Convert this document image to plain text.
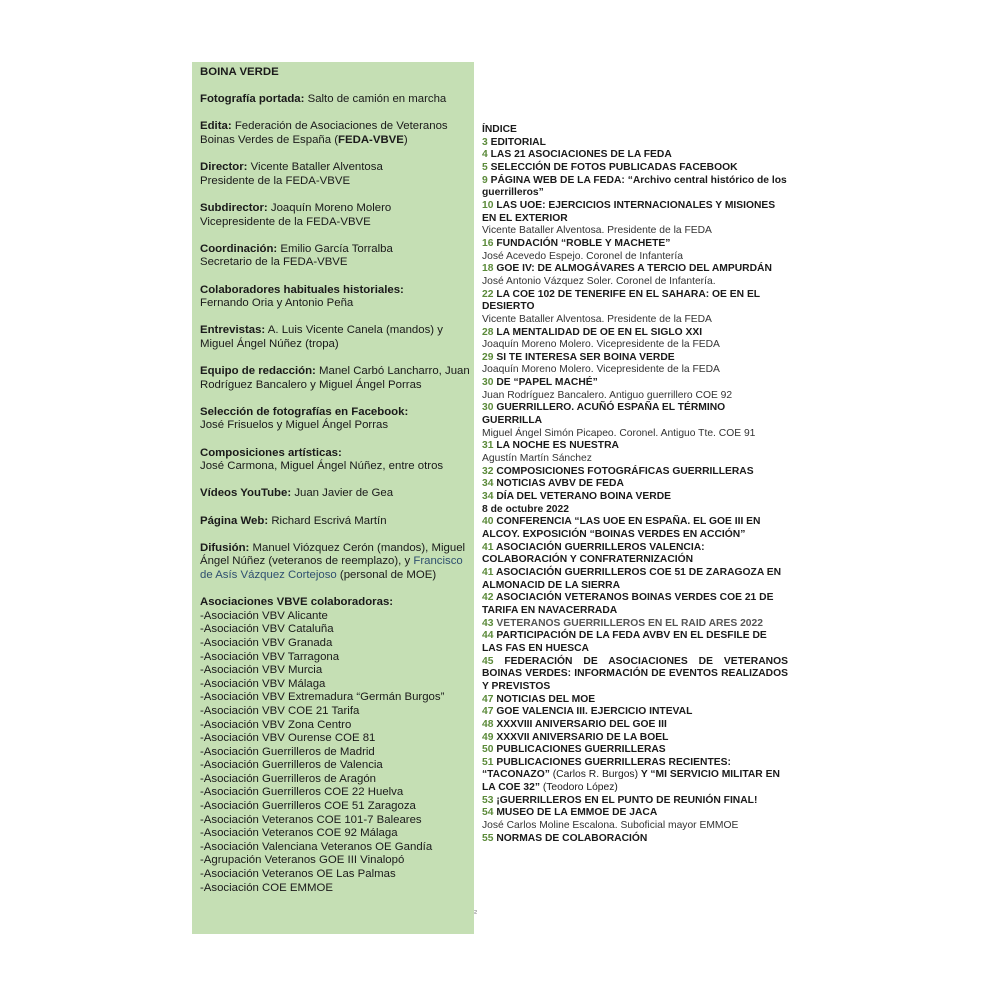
BOINA VERDE
Fotografía portada: Salto de camión en marcha
Edita: Federación de Asociaciones de Veteranos Boinas Verdes de España (FEDA-VBVE)
Director: Vicente Bataller Alventosa
Presidente de la FEDA-VBVE
Subdirector: Joaquín Moreno Molero
Vicepresidente de la FEDA-VBVE
Coordinación: Emilio García Torralba
Secretario de la FEDA-VBVE
Colaboradores habituales historiales:
Fernando Oria y Antonio Peña
Entrevistas: A. Luis Vicente Canela (mandos) y Miguel Ángel Núñez (tropa)
Equipo de redacción: Manel Carbó Lancharro, Juan Rodríguez Bancalero y Miguel Ángel Porras
Selección de fotografías en Facebook:
José Frisuelos y Miguel Ángel Porras
Composiciones artísticas:
José Carmona, Miguel Ángel Núñez, entre otros
Vídeos YouTube: Juan Javier de Gea
Página Web: Richard Escrivá Martín
Difusión: Manuel Viózquez Cerón (mandos), Miguel Ángel Núñez (veteranos de reemplazo), y Francisco de Asís Vázquez Cortejoso (personal de MOE)
Asociaciones VBVE colaboradoras:
-Asociación VBV Alicante
-Asociación VBV Cataluña
-Asociación VBV Granada
-Asociación VBV Tarragona
-Asociación VBV Murcia
-Asociación VBV Málaga
-Asociación VBV Extremadura “Germán Burgos”
-Asociación VBV COE 21 Tarifa
-Asociación VBV Zona Centro
-Asociación VBV Ourense COE 81
-Asociación Guerrilleros de Madrid
-Asociación Guerrilleros de Valencia
-Asociación Guerrilleros de Aragón
-Asociación Guerrilleros COE 22 Huelva
-Asociación Guerrilleros COE 51 Zaragoza
-Asociación Veteranos COE 101-7 Baleares
-Asociación Veteranos COE 92 Málaga
-Asociación Valenciana Veteranos OE Gandía
-Agrupación Veteranos GOE III Vinalopó
-Asociación Veteranos OE Las Palmas
-Asociación COE EMMOE
ÍNDICE
3 EDITORIAL
4 LAS 21 ASOCIACIONES DE LA FEDA
5 SELECCIÓN DE FOTOS PUBLICADAS FACEBOOK
9 PÁGINA WEB DE LA FEDA: “Archivo central histórico de los guerrilleros”
10 LAS UOE: EJERCICIOS INTERNACIONALES Y MISIONES EN EL EXTERIOR
Vicente Bataller Alventosa. Presidente de la FEDA
16 FUNDACIÓN “ROBLE Y MACHETE”
José Acevedo Espejo. Coronel de Infantería
18 GOE IV: DE ALMOGÁVARES A TERCIO DEL AMPURDÁN
José Antonio Vázquez Soler. Coronel de Infantería.
22 LA COE 102 DE TENERIFE EN EL SAHARA: OE EN EL DESIERTO
Vicente Bataller Alventosa. Presidente de la FEDA
28 LA MENTALIDAD DE OE EN EL SIGLO XXI
Joaquín Moreno Molero. Vicepresidente de la FEDA
29 SI TE INTERESA SER BOINA VERDE
Joaquín Moreno Molero. Vicepresidente de la FEDA
30 DE “PAPEL MACHÉ”
Juan Rodríguez Bancalero. Antiguo guerrillero COE 92
30 GUERRILLERO. ACUÑÓ ESPAÑA EL TÉRMINO GUERRILLA
Miguel Ángel Simón Picapeo. Coronel. Antiguo Tte. COE 91
31 LA NOCHE ES NUESTRA
Agustín Martín Sánchez
32 COMPOSICIONES FOTOGRÁFICAS GUERRILLERAS
34 NOTICIAS AVBV DE FEDA
34 DÍA DEL VETERANO BOINA VERDE
8 de octubre 2022
40 CONFERENCIA “LAS UOE EN ESPAÑA. EL GOE III EN ALCOY. EXPOSICIÓN “BOINAS VERDES EN ACCIÓN”
41 ASOCIACIÓN GUERRILLEROS VALENCIA: COLABORACIÓN Y CONFRATERNIZACIÓN
41 ASOCIACIÓN GUERRILLEROS COE 51 DE ZARAGOZA EN ALMONACID DE LA SIERRA
42 ASOCIACIÓN VETERANOS BOINAS VERDES COE 21 DE TARIFA EN NAVACERRADA
43 VETERANOS GUERRILLEROS EN EL RAID ARES 2022
44 PARTICIPACIÓN DE LA FEDA AVBV EN EL DESFILE DE LAS FAS EN HUESCA
45 FEDERACIÓN DE ASOCIACIONES DE VETERANOS BOINAS VERDES: INFORMACIÓN DE EVENTOS REALIZADOS Y PREVISTOS
47 NOTICIAS DEL MOE
47 GOE VALENCIA III. EJERCICIO INTEVAL
48 XXXVIII ANIVERSARIO DEL GOE III
49 XXXVII ANIVERSARIO DE LA BOEL
50 PUBLICACIONES GUERRILLERAS
51 PUBLICACIONES GUERRILLERAS RECIENTES:
“TACONAZO” (Carlos R. Burgos) Y “MI SERVICIO MILITAR EN LA COE 32” (Teodoro López)
53 ¡GUERRILLEROS EN EL PUNTO DE REUNIÓN FINAL!
54 MUSEO DE LA EMMOE DE JACA
José Carlos Moline Escalona. Suboficial mayor EMMOE
55 NORMAS DE COLABORACIÓN
²
